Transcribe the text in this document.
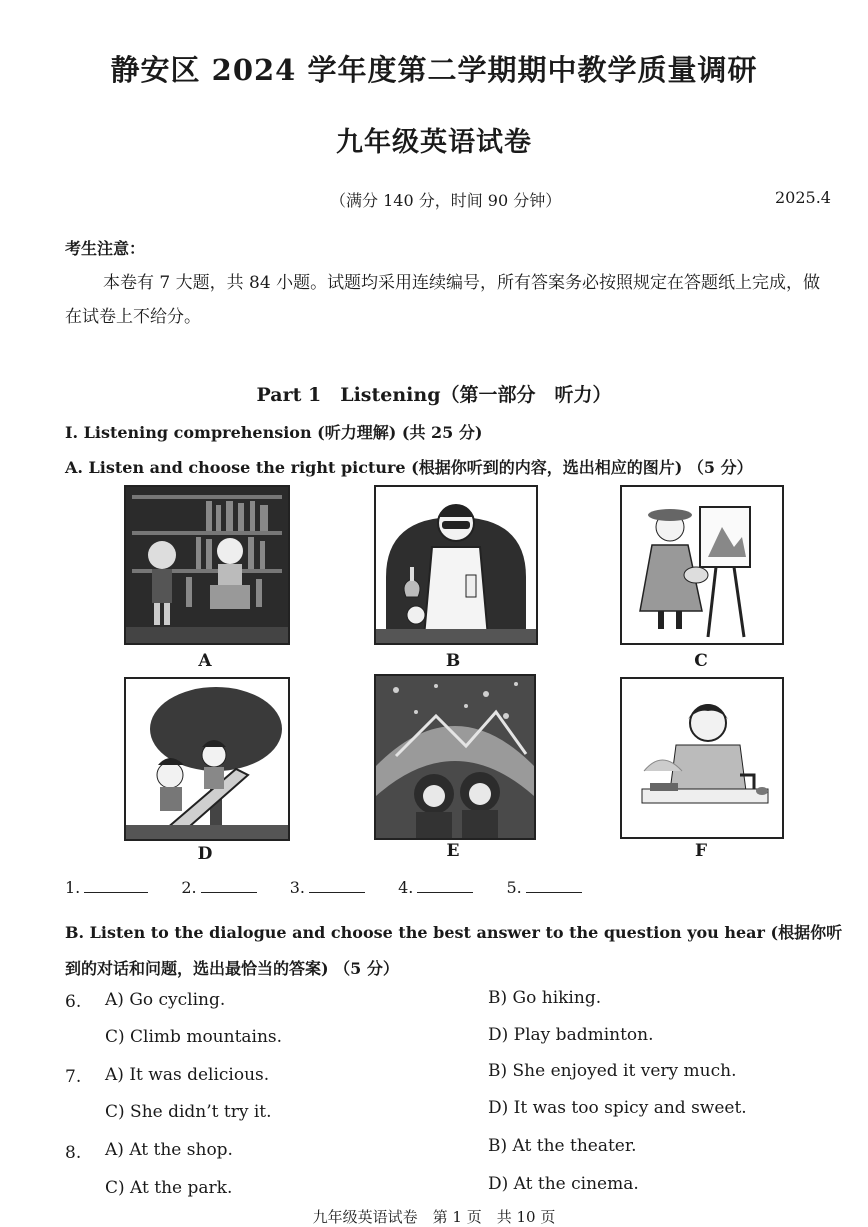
静安区 2024 学年度第二学期期中教学质量调研
九年级英语试卷
（满分 140 分，时间 90 分钟）	2025.4
考生注意：
本卷有 7 大题，共 84 小题。试题均采用连续编号，所有答案务必按照规定在答题纸上完成，做在试卷上不给分。
Part 1　Listening（第一部分　听力）
I. Listening comprehension (听力理解) (共 25 分)
A. Listen and choose the right picture (根据你听到的内容，选出相应的图片) （5 分）
A	B	C
D	E	F
1.	2.	3.	4.	5.
B. Listen to the dialogue and choose the best answer to the question you hear (根据你听到的对话和问题，选出最恰当的答案) （5 分）
6. A) Go cycling.	B) Go hiking.
C) Climb mountains.	D) Play badminton.
7. A) It was delicious.	B) She enjoyed it very much.
C) She didn’t try it.	D) It was too spicy and sweet.
8. A) At the shop.	B) At the theater.
C) At the park.	D) At the cinema.
九年级英语试卷　第 1 页　共 10 页
